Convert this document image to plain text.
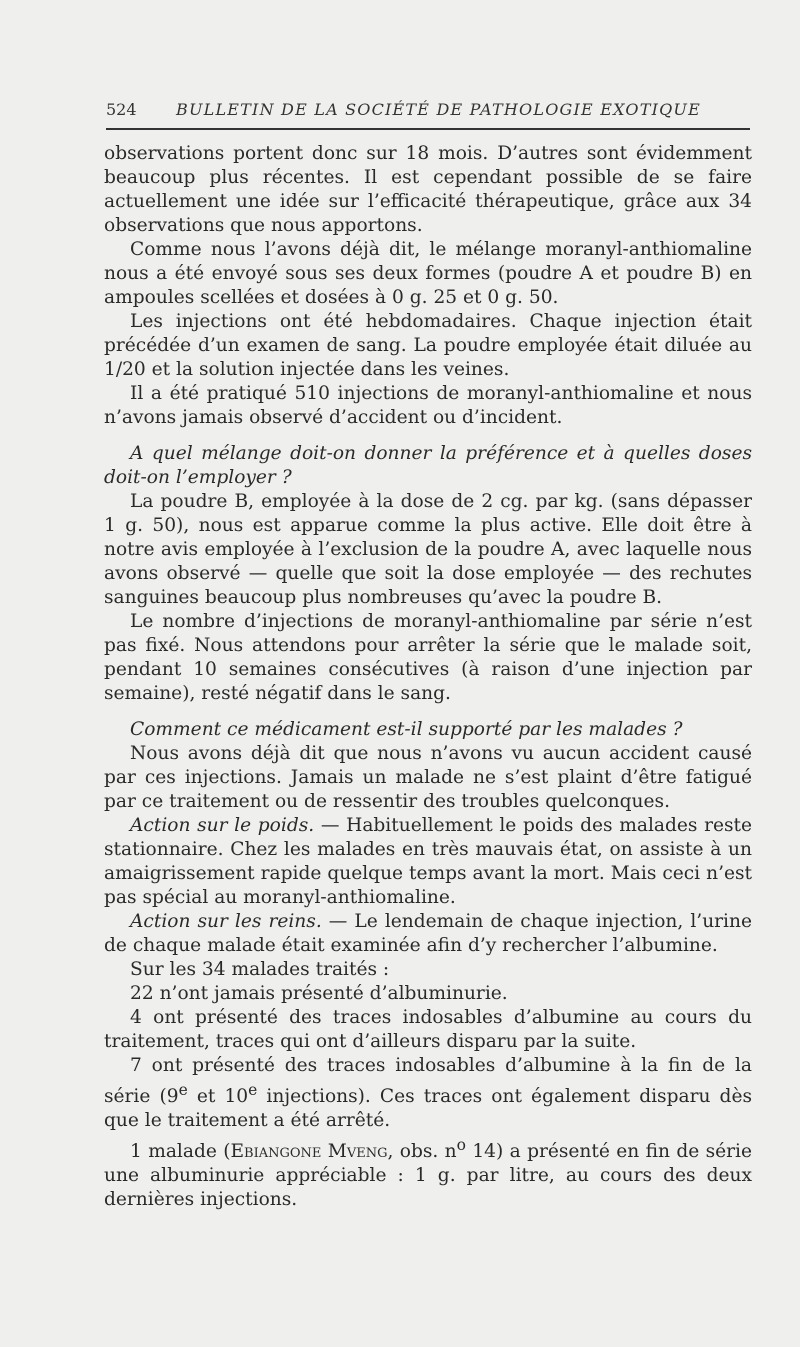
524 BULLETIN DE LA SOCIÉTÉ DE PATHOLOGIE EXOTIQUE

observations portent donc sur 18 mois. D’autres sont évidemment beaucoup plus récentes. Il est cependant possible de se faire actuellement une idée sur l’efficacité thérapeutique, grâce aux 34 observations que nous apportons.

Comme nous l’avons déjà dit, le mélange moranyl-anthiomaline nous a été envoyé sous ses deux formes (poudre A et poudre B) en ampoules scellées et dosées à 0 g. 25 et 0 g. 50.

Les injections ont été hebdomadaires. Chaque injection était précédée d’un examen de sang. La poudre employée était diluée au 1/20 et la solution injectée dans les veines.

Il a été pratiqué 510 injections de moranyl-anthiomaline et nous n’avons jamais observé d’accident ou d’incident.

A quel mélange doit-on donner la préférence et à quelles doses doit-on l’employer ?

La poudre B, employée à la dose de 2 cg. par kg. (sans dépasser 1 g. 50), nous est apparue comme la plus active. Elle doit être à notre avis employée à l’exclusion de la poudre A, avec laquelle nous avons observé — quelle que soit la dose employée — des rechutes sanguines beaucoup plus nombreuses qu’avec la poudre B.

Le nombre d’injections de moranyl-anthiomaline par série n’est pas fixé. Nous attendons pour arrêter la série que le malade soit, pendant 10 semaines consécutives (à raison d’une injection par semaine), resté négatif dans le sang.

Comment ce médicament est-il supporté par les malades ?

Nous avons déjà dit que nous n’avons vu aucun accident causé par ces injections. Jamais un malade ne s’est plaint d’être fatigué par ce traitement ou de ressentir des troubles quelconques.

Action sur le poids. — Habituellement le poids des malades reste stationnaire. Chez les malades en très mauvais état, on assiste à un amaigrissement rapide quelque temps avant la mort. Mais ceci n’est pas spécial au moranyl-anthiomaline.

Action sur les reins. — Le lendemain de chaque injection, l’urine de chaque malade était examinée afin d’y rechercher l’albumine.

Sur les 34 malades traités :

22 n’ont jamais présenté d’albuminurie.

4 ont présenté des traces indosables d’albumine au cours du traitement, traces qui ont d’ailleurs disparu par la suite.

7 ont présenté des traces indosables d’albumine à la fin de la série (9e et 10e injections). Ces traces ont également disparu dès que le traitement a été arrêté.

1 malade (Ebiangone Mveng, obs. $n^o$ 14) a présenté en fin de série une albuminurie appréciable : 1 g. par litre, au cours des deux dernières injections.
